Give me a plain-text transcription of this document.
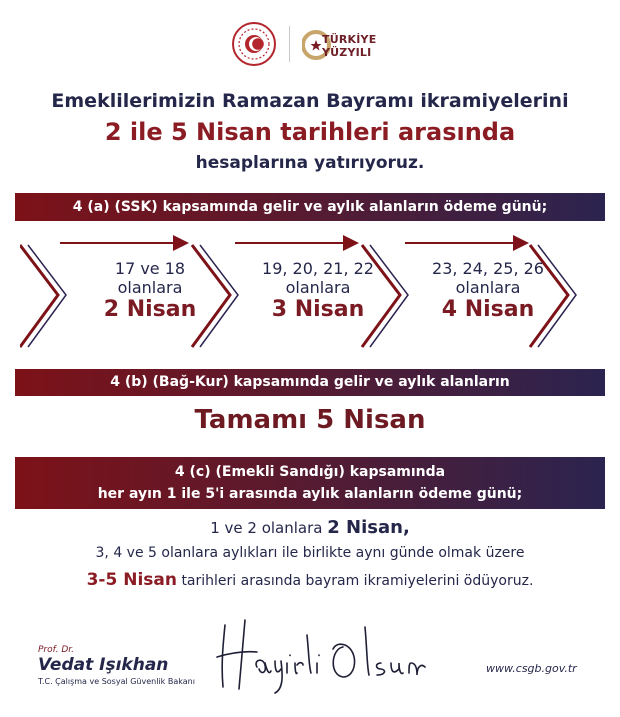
TÜRKİYE
YÜZYILI
Emeklilerimizin Ramazan Bayramı ikramiyelerini
2 ile 5 Nisan tarihleri arasında
hesaplarına yatırıyoruz.
4 (a) (SSK) kapsamında gelir ve aylık alanların ödeme günü;
17 ve 18
olanlara
2 Nisan
19, 20, 21, 22
olanlara
3 Nisan
23, 24, 25, 26
olanlara
4 Nisan
4 (b) (Bağ-Kur) kapsamında gelir ve aylık alanların
Tamamı 5 Nisan
4 (c) (Emekli Sandığı) kapsamında
her ayın 1 ile 5'i arasında aylık alanların ödeme günü;
1 ve 2 olanlara 2 Nisan,
3, 4 ve 5 olanlara aylıkları ile birlikte aynı günde olmak üzere
3-5 Nisan tarihleri arasında bayram ikramiyelerini ödüyoruz.
Prof. Dr.
Vedat Işıkhan
T.C. Çalışma ve Sosyal Güvenlik Bakanı
www.csgb.gov.tr
